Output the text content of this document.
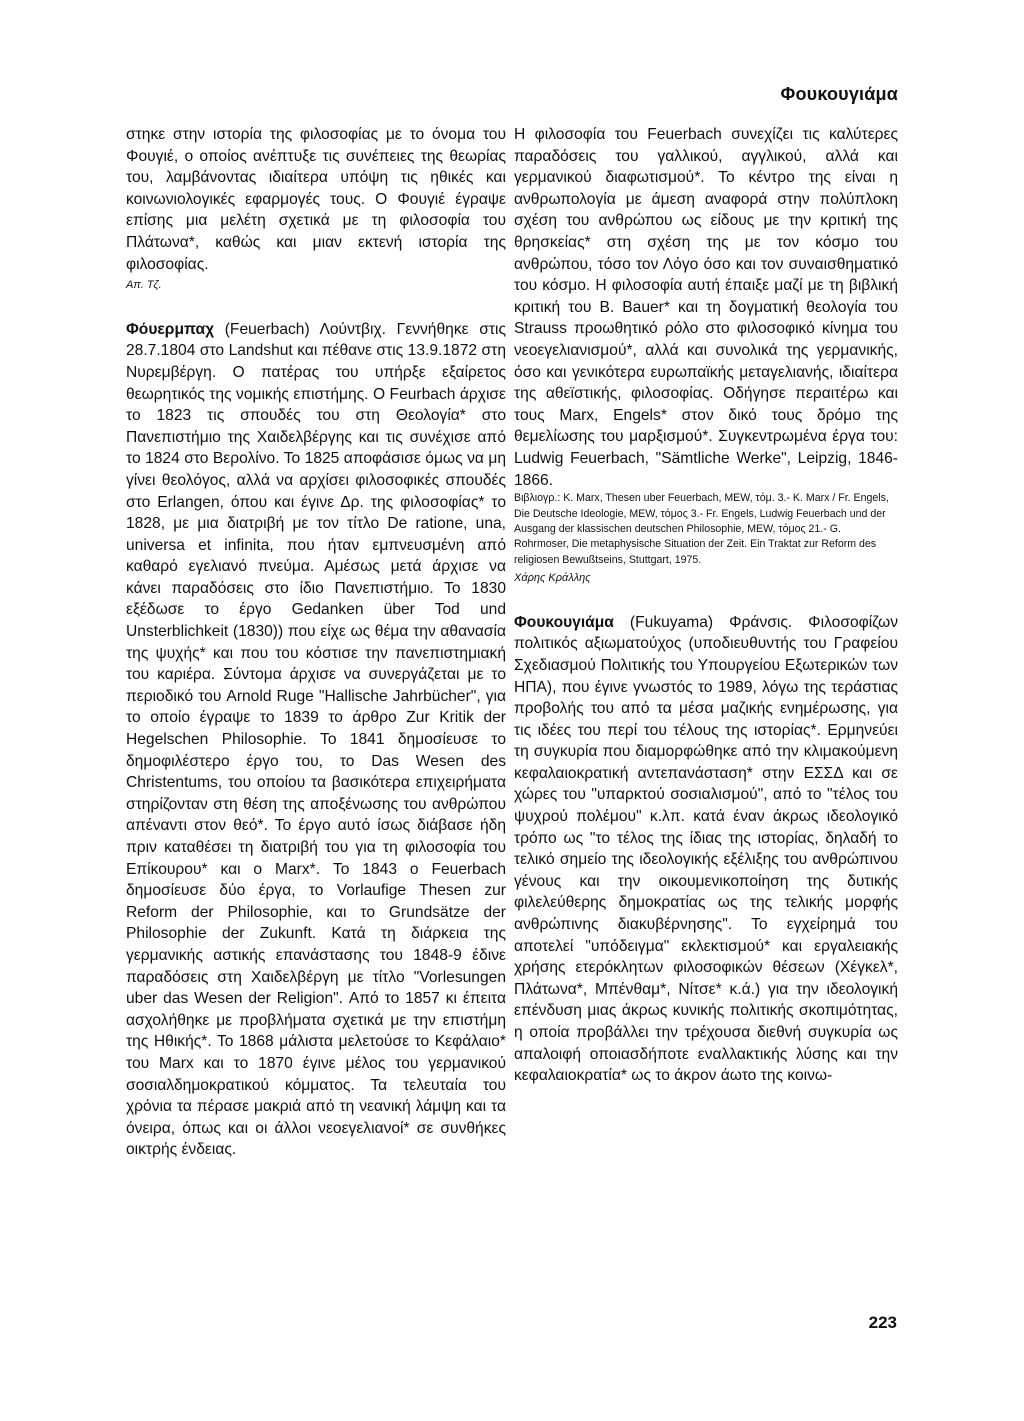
Φουκουγιάμα

στηκε στην ιστορία της φιλοσοφίας με το όνομα του Φουγιέ, ο οποίος ανέπτυξε τις συνέπειες της θεωρίας του, λαμβάνοντας ιδιαίτερα υπόψη τις ηθικές και κοινωνιολογικές εφαρμογές τους. Ο Φουγιέ έγραψε επίσης μια μελέτη σχετικά με τη φιλοσοφία του Πλάτωνα*, καθώς και μιαν εκτενή ιστορία της φιλοσοφίας.

Απ. Τζ.

Φόυερμπαχ (Feuerbach) Λούντβιχ. Γεννήθηκε στις 28.7.1804 στο Landshut και πέθανε στις 13.9.1872 στη Νυρεμβέργη. Ο πατέρας του υπήρξε εξαίρετος θεωρητικός της νομικής επιστήμης. Ο Feurbach άρχισε το 1823 τις σπουδές του στη Θεολογία* στο Πανεπιστήμιο της Χαιδελβέργης και τις συνέχισε από το 1824 στο Βερολίνο. Το 1825 αποφάσισε όμως να μη γίνει θεολόγος, αλλά να αρχίσει φιλοσοφικές σπουδές στο Erlangen, όπου και έγινε Δρ. της φιλοσοφίας* το 1828, με μια διατριβή με τον τίτλο De ratione, una, universa et infinita, που ήταν εμπνευσμένη από καθαρό εγελιανό πνεύμα. Αμέσως μετά άρχισε να κάνει παραδόσεις στο ίδιο Πανεπιστήμιο. Το 1830 εξέδωσε το έργο Gedanken über Tod und Unsterblichkeit (1830)) που είχε ως θέμα την αθανασία της ψυχής* και που του κόστισε την πανεπιστημιακή του καριέρα. Σύντομα άρχισε να συνεργάζεται με το περιοδικό του Arnold Ruge "Hallische Jahrbücher", για το οποίο έγραψε το 1839 το άρθρο Zur Kritik der Hegelschen Philosophie. Το 1841 δημοσίευσε το δημοφιλέστερο έργο του, το Das Wesen des Christentums, του οποίου τα βασικότερα επιχειρήματα στηρίζονταν στη θέση της αποξένωσης του ανθρώπου απέναντι στον θεό*. Το έργο αυτό ίσως διάβασε ήδη πριν καταθέσει τη διατριβή του για τη φιλοσοφία του Επίκουρου* και ο Marx*. Το 1843 ο Feuerbach δημοσίευσε δύο έργα, το Vorlaufige Thesen zur Reform der Philosophie, και το Grundsätze der Philosophie der Zukunft. Κατά τη διάρκεια της γερμανικής αστικής επανάστασης του 1848-9 έδινε παραδόσεις στη Χαιδελβέργη με τίτλο "Vorlesungen uber das Wesen der Religion". Από το 1857 κι έπειτα ασχολήθηκε με προβλήματα σχετικά με την επιστήμη της Ηθικής*. Το 1868 μάλιστα μελετούσε το Κεφάλαιο* του Marx και το 1870 έγινε μέλος του γερμανικού σοσιαλδημοκρατικού κόμματος. Τα τελευταία του χρόνια τα πέρασε μακριά από τη νεανική λάμψη και τα όνειρα, όπως και οι άλλοι νεοεγελιανοί* σε συνθήκες οικτρής ένδειας.

Η φιλοσοφία του Feuerbach συνεχίζει τις καλύτερες παραδόσεις του γαλλικού, αγγλικού, αλλά και γερμανικού διαφωτισμού*. Το κέντρο της είναι η ανθρωπολογία με άμεση αναφορά στην πολύπλοκη σχέση του ανθρώπου ως είδους με την κριτική της θρησκείας* στη σχέση της με τον κόσμο του ανθρώπου, τόσο τον Λόγο όσο και τον συναισθηματικό του κόσμο. Η φιλοσοφία αυτή έπαιξε μαζί με τη βιβλική κριτική του Β. Bauer* και τη δογματική θεολογία του Strauss προωθητικό ρόλο στο φιλοσοφικό κίνημα του νεοεγελιανισμού*, αλλά και συνολικά της γερμανικής, όσο και γενικότερα ευρωπαϊκής μεταγελιανής, ιδιαίτερα της αθεϊστικής, φιλοσοφίας. Οδήγησε περαιτέρω και τους Marx, Engels* στον δικό τους δρόμο της θεμελίωσης του μαρξισμού*. Συγκεντρωμένα έργα του: Ludwig Feuerbach, "Sämtliche Werke", Leipzig, 1846-1866.

Βιβλιογρ.: K. Marx, Thesen uber Feuerbach, MEW, τόμ. 3.- K. Marx / Fr. Engels, Die Deutsche Ideologie, MEW, τόμος 3.- Fr. Engels, Ludwig Feuerbach und der Ausgang der klassischen deutschen Philosophie, MEW, τόμος 21.- G. Rohrmoser, Die metaphysische Situation der Zeit. Ein Traktat zur Reform des religiosen Bewußtseins, Stuttgart, 1975.

Χάρης Κράλλης

Φουκουγιάμα (Fukuyama) Φράνσις. Φιλοσοφίζων πολιτικός αξιωματούχος (υποδιευθυντής του Γραφείου Σχεδιασμού Πολιτικής του Υπουργείου Εξωτερικών των ΗΠΑ), που έγινε γνωστός το 1989, λόγω της τεράστιας προβολής του από τα μέσα μαζικής ενημέρωσης, για τις ιδέες του περί του τέλους της ιστορίας*. Ερμηνεύει τη συγκυρία που διαμορφώθηκε από την κλιμακούμενη κεφαλαιοκρατική αντεπανάσταση* στην ΕΣΣΔ και σε χώρες του "υπαρκτού σοσιαλισμού", από το "τέλος του ψυχρού πολέμου" κ.λπ. κατά έναν άκρως ιδεολογικό τρόπο ως "το τέλος της ίδιας της ιστορίας, δηλαδή το τελικό σημείο της ιδεολογικής εξέλιξης του ανθρώπινου γένους και την οικουμενικοποίηση της δυτικής φιλελεύθερης δημοκρατίας ως της τελικής μορφής ανθρώπινης διακυβέρνησης". Το εγχείρημά του αποτελεί "υπόδειγμα" εκλεκτισμού* και εργαλειακής χρήσης ετερόκλητων φιλοσοφικών θέσεων (Χέγκελ*, Πλάτωνα*, Μπένθαμ*, Νίτσε* κ.ά.) για την ιδεολογική επένδυση μιας άκρως κυνικής πολιτικής σκοπιμότητας, η οποία προβάλλει την τρέχουσα διεθνή συγκυρία ως απαλοιφή οποιασδήποτε εναλλακτικής λύσης και την κεφαλαιοκρατία* ως το άκρον άωτο της κοινω-

223
